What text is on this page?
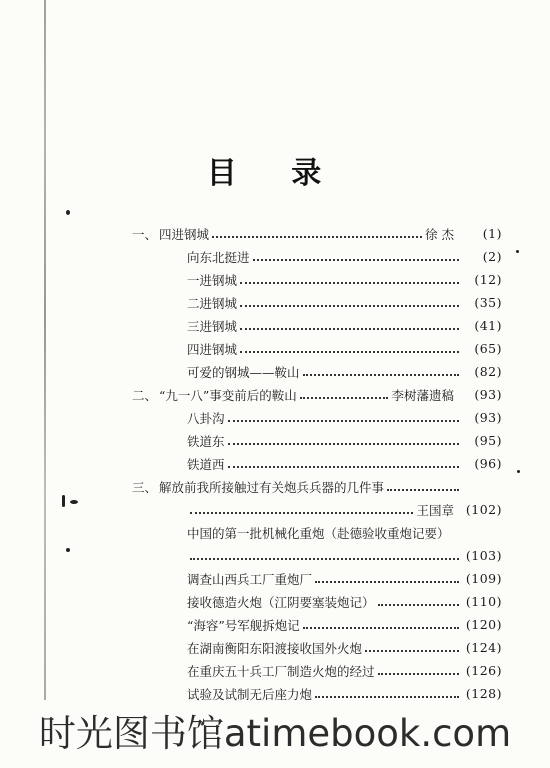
目 录
一、 四进钢城	徐 杰	(1)
向东北挺进	(2)
一进钢城	(12)
二进钢城	(35)
三进钢城	(41)
四进钢城	(65)
可爱的钢城——鞍山	(82)
二、 “九一八”事变前后的鞍山	李树藩遗稿	(93)
八卦沟	(93)
铁道东	(95)
铁道西	(96)
三、 解放前我所接触过有关炮兵兵器的几件事
王国章 (102)
中国的第一批机械化重炮（赴德验收重炮记要）
(103)
调查山西兵工厂重炮厂	(109)
接收德造火炮（江阴要塞装炮记）	(110)
“海容”号军舰拆炮记	(120)
在湖南衡阳东阳渡接收国外火炮	(124)
在重庆五十兵工厂制造火炮的经过	(126)
试验及试制无后座力炮	(128)
时光图书馆atimebook.com
